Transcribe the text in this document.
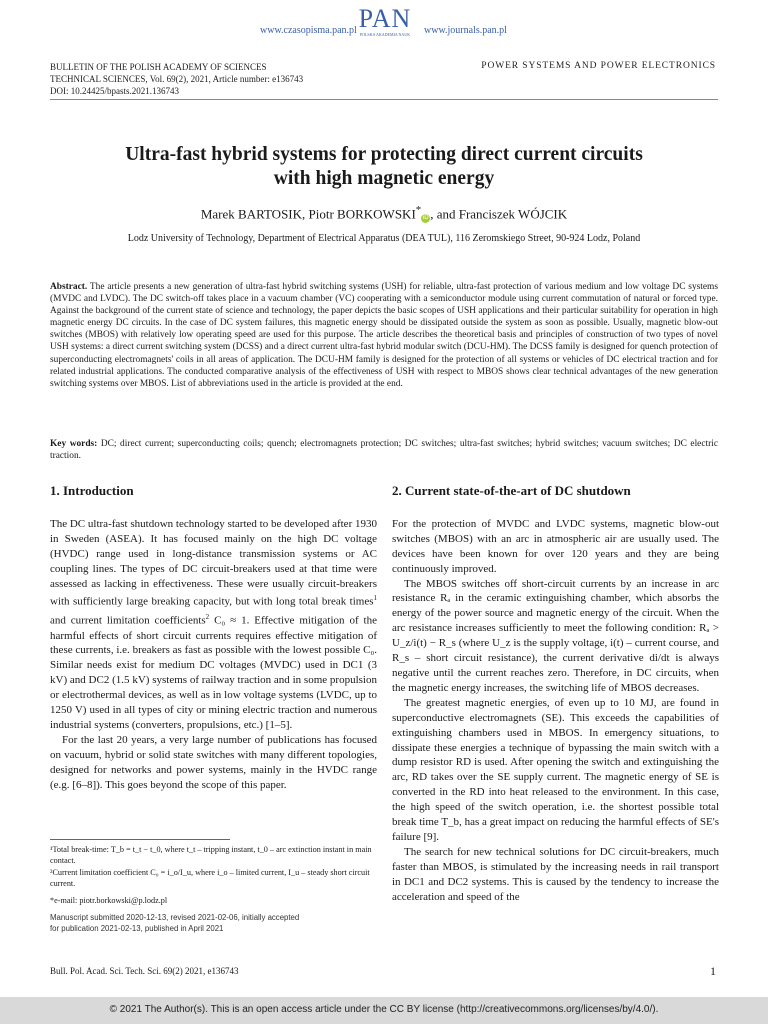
www.czasopisma.pan.pl PAN
POLSKA AKADEMIA NAUK	www.journals.pan.pl
BULLETIN OF THE POLISH ACADEMY OF SCIENCES
TECHNICAL SCIENCES, Vol. 69(2), 2021, Article number: e136743
DOI: 10.24425/bpasts.2021.136743
POWER SYSTEMS AND POWER ELECTRONICS
Ultra-fast hybrid systems for protecting direct current circuits
with high magnetic energy
Marek BARTOSIK, Piotr BORKOWSKI*iD , and Franciszek WÓJCIK
Lodz University of Technology, Department of Electrical Apparatus (DEA TUL), 116 Zeromskiego Street, 90-924 Lodz, Poland
Abstract. The article presents a new generation of ultra-fast hybrid switching systems (USH) for reliable, ultra-fast protection of various medium and low voltage DC systems (MVDC and LVDC). The DC switch-off takes place in a vacuum chamber (VC) cooperating with a semiconductor module using current commutation of natural or forced type. Against the background of the current state of science and technology, the paper depicts the basic scopes of USH applications and their particular suitability for operation in high magnetic energy DC circuits. In the case of DC system failures, this magnetic energy should be dissipated outside the system as soon as possible. Usually, magnetic blow-out switches (MBOS) with relatively low operating speed are used for this purpose. The article describes the theoretical basis and principles of construction of two types of novel USH systems: a direct current switching system (DCSS) and a direct current ultra-fast hybrid modular switch (DCU-HM). The DCSS family is designed for quench protection of superconducting electromagnets' coils in all areas of application. The DCU-HM family is designed for the protection of all systems or vehicles of DC electrical traction and for related industrial applications. The conducted comparative analysis of the effectiveness of USH with respect to MBOS shows clear technical advantages of the new generation switching systems over MBOS. List of abbreviations used in the article is provided at the end.
Key words: DC; direct current; superconducting coils; quench; electromagnets protection; DC switches; ultra-fast switches; hybrid switches; vacuum switches; DC electric traction.
1. Introduction

The DC ultra-fast shutdown technology started to be developed after 1930 in Sweden (ASEA). It has focused mainly on the high DC voltage (HVDC) range used in long-distance transmission systems or AC coupling lines. The types of DC circuit-breakers used at that time were assessed as lacking in effectiveness. These were usually circuit-breakers with sufficiently large breaking capacity, but with long total break times$^1$ and current limitation coefficients$^2$ C₀ ≈ 1. Effective mitigation of the harmful effects of short circuit currents requires effective mitigation of these currents, i.e. breakers as fast as possible with the lowest possible C₀. Similar needs exist for medium DC voltages (MVDC) used in DC1 (3 kV) and DC2 (1.5 kV) systems of railway traction and in some propulsion or electrothermal devices, as well as in low voltage systems (LVDC, up to 1250 V) used in all types of city or mining electric traction and numerous industrial systems (converters, propulsions, etc.) [1–5].

For the last 20 years, a very large number of publications has focused on vacuum, hybrid or solid state switches with many different topologies, designed for networks and power systems, mainly in the HVDC range (e.g. [6–8]). This goes beyond the scope of this paper.

¹Total break-time: T_b = t_t − t_0, where t_t – tripping instant, t_0 – arc extinction instant in main contact.
²Current limitation coefficient C₀ = i_o/I_u, where i_o – limited current, I_u – steady short circuit current.
*e-mail: piotr.borkowski@p.lodz.pl
Manuscript submitted 2020-12-13, revised 2021-02-06, initially accepted
for publication 2021-02-13, published in April 2021
2. Current state-of-the-art of DC shutdown

For the protection of MVDC and LVDC systems, magnetic blow-out switches (MBOS) with an arc in atmospheric air are usually used. The devices have been known for over 120 years and they are being continuously improved.

The MBOS switches off short-circuit currents by an increase in arc resistance Rₐ in the ceramic extinguishing chamber, which absorbs the energy of the power source and magnetic energy of the circuit. When the arc resistance increases sufficiently to meet the following condition: Rₐ > U_z/i(t) − R_s (where U_z is the supply voltage, i(t) – current course, and R_s – short circuit resistance), the current derivative di/dt is always negative until the current reaches zero. Therefore, in DC circuits, when the magnetic energy increases, the switching life of MBOS decreases.

The greatest magnetic energies, of even up to 10 MJ, are found in superconductive electromagnets (SE). This exceeds the capabilities of extinguishing chambers used in MBOS. In emergency situations, to dissipate these energies a technique of bypassing the main switch with a dump resistor RD is used. After opening the switch and extinguishing the arc, RD takes over the SE supply current. The magnetic energy of SE is converted in the RD into heat released to the environment. In this case, the high speed of the switch operation, i.e. the shortest possible total break time T_b, has a great impact on reducing the harmful effects of SE's failure [9].

The search for new technical solutions for DC circuit-breakers, much faster than MBOS, is stimulated by the increasing needs in rail transport in DC1 and DC2 systems. This is caused by the tendency to increase the acceleration and speed of the

Bull. Pol. Acad. Sci. Tech. Sci. 69(2) 2021, e136743	1
© 2021 The Author(s). This is an open access article under the CC BY license (http://creativecommons.org/licenses/by/4.0/).
